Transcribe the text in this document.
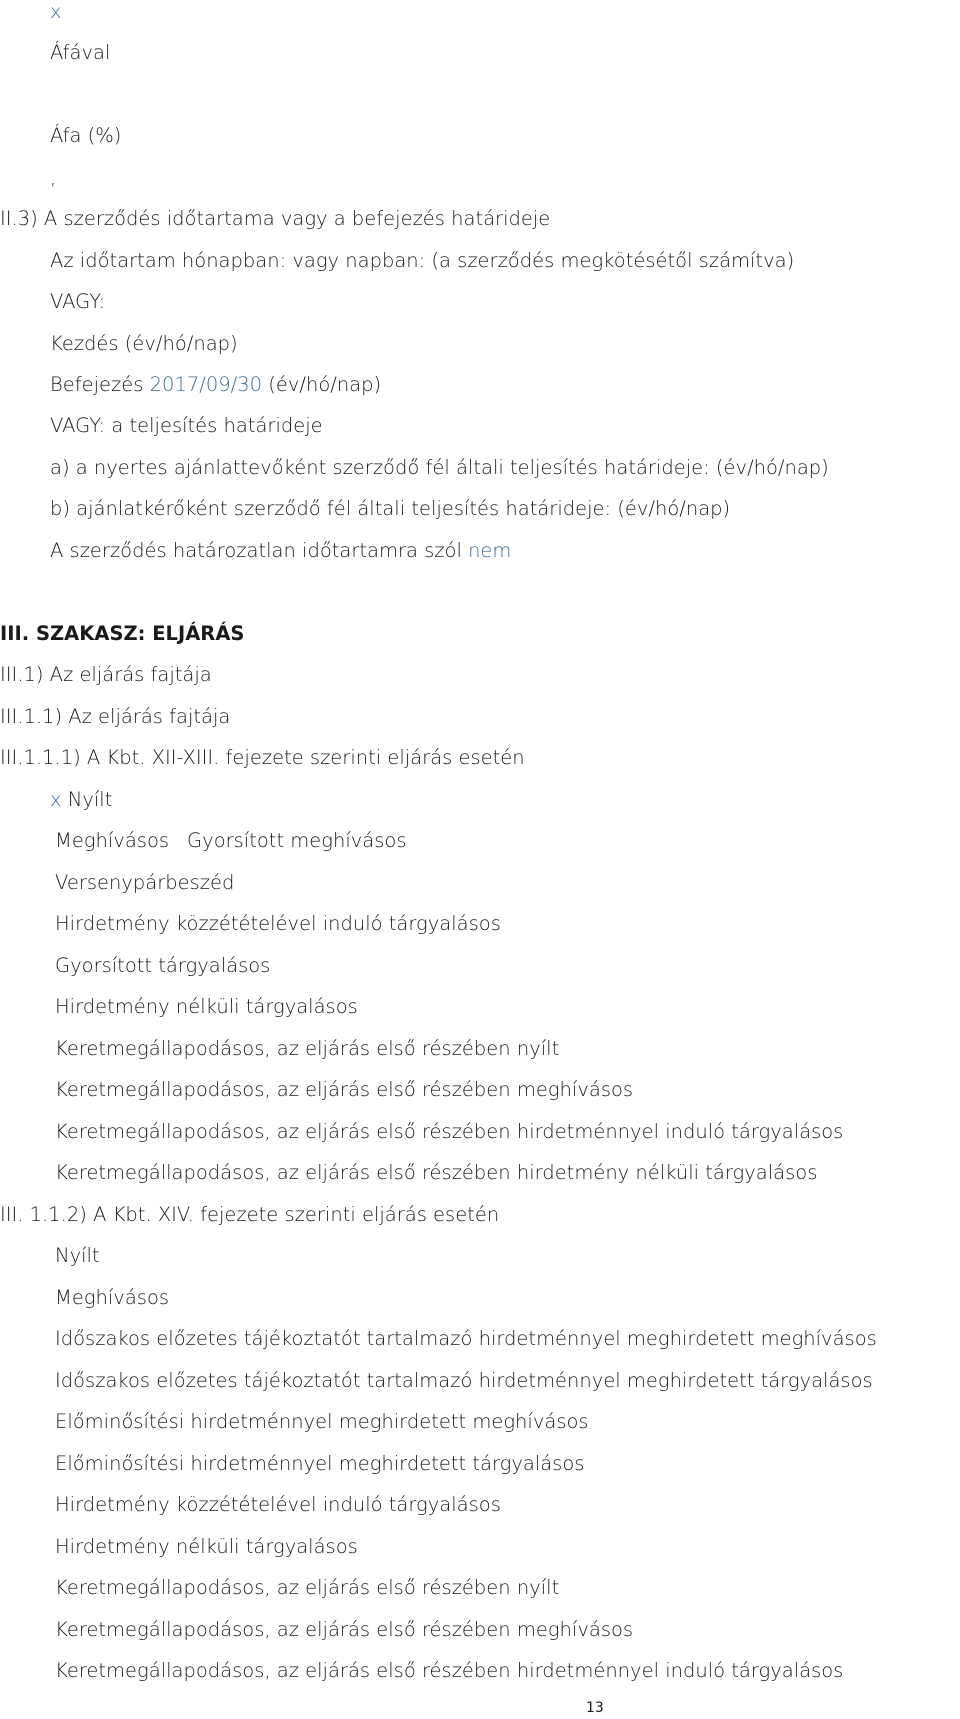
x
Áfával
Áfa (%)
,
II.3) A szerződés időtartama vagy a befejezés határideje
Az időtartam hónapban: vagy napban: (a szerződés megkötésétől számítva)
VAGY:
Kezdés (év/hó/nap)
Befejezés 2017/09/30 (év/hó/nap)
VAGY: a teljesítés határideje
a) a nyertes ajánlattevőként szerződő fél általi teljesítés határideje: (év/hó/nap)
b) ajánlatkérőként szerződő fél általi teljesítés határideje: (év/hó/nap)
A szerződés határozatlan időtartamra szól nem
III. SZAKASZ: ELJÁRÁS
III.1) Az eljárás fajtája
III.1.1) Az eljárás fajtája
III.1.1.1) A Kbt. XII-XIII. fejezete szerinti eljárás esetén
x Nyílt
Meghívásos Gyorsított meghívásos
Versenypárbeszéd
Hirdetmény közzétételével induló tárgyalásos
Gyorsított tárgyalásos
Hirdetmény nélküli tárgyalásos
Keretmegállapodásos, az eljárás első részében nyílt
Keretmegállapodásos, az eljárás első részében meghívásos
Keretmegállapodásos, az eljárás első részében hirdetménnyel induló tárgyalásos
Keretmegállapodásos, az eljárás első részében hirdetmény nélküli tárgyalásos
III. 1.1.2) A Kbt. XIV. fejezete szerinti eljárás esetén
Nyílt
Meghívásos
Időszakos előzetes tájékoztatót tartalmazó hirdetménnyel meghirdetett meghívásos
Időszakos előzetes tájékoztatót tartalmazó hirdetménnyel meghirdetett tárgyalásos
Előminősítési hirdetménnyel meghirdetett meghívásos
Előminősítési hirdetménnyel meghirdetett tárgyalásos
Hirdetmény közzétételével induló tárgyalásos
Hirdetmény nélküli tárgyalásos
Keretmegállapodásos, az eljárás első részében nyílt
Keretmegállapodásos, az eljárás első részében meghívásos
Keretmegállapodásos, az eljárás első részében hirdetménnyel induló tárgyalásos
13
